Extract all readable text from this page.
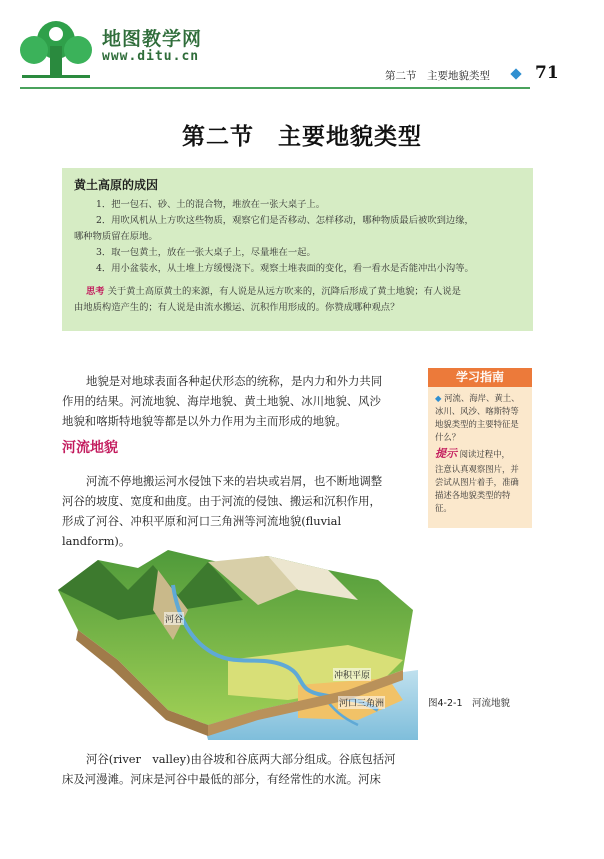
地图教学网
www.ditu.cn
第二节　主要地貌类型	71
第二节　主要地貌类型
黄土高原的成因
1．把一包石、砂、土的混合物，堆放在一张大桌子上。
2．用吹风机从上方吹这些物质，观察它们是否移动、怎样移动，哪种物质最后被吹到边缘，
哪种物质留在原地。
3．取一包黄土，放在一张大桌子上，尽量堆在一起。
4．用小盆装水，从土堆上方缓慢浇下。观察土堆表面的变化，看一看水是否能冲出小沟等。
思考 关于黄土高原黄土的来源，有人说是从远方吹来的，沉降后形成了黄土地貌；有人说是
由地质构造产生的；有人说是由流水搬运、沉积作用形成的。你赞成哪种观点？
地貌是对地球表面各种起伏形态的统称，是内力和外力共同
作用的结果。河流地貌、海岸地貌、黄土地貌、冰川地貌、风沙
地貌和喀斯特地貌等都是以外力作用为主而形成的地貌。
河流地貌
河流不停地搬运河水侵蚀下来的岩块或岩屑，也不断地调整
河谷的坡度、宽度和曲度。由于河流的侵蚀、搬运和沉积作用，
形成了河谷、冲积平原和河口三角洲等河流地貌(fluvial
landform)。
学习指南
◆ 河流、海岸、黄土、
冰川、风沙、喀斯特等
地貌类型的主要特征是
什么？
提示 阅读过程中，
注意认真观察图片，并
尝试从图片着手，准确
描述各地貌类型的特
征。
河谷
冲积平原
河口三角洲	图4-2-1　河流地貌
河谷(river　valley)由谷坡和谷底两大部分组成。谷底包括河
床及河漫滩。河床是河谷中最低的部分，有经常性的水流。河床
